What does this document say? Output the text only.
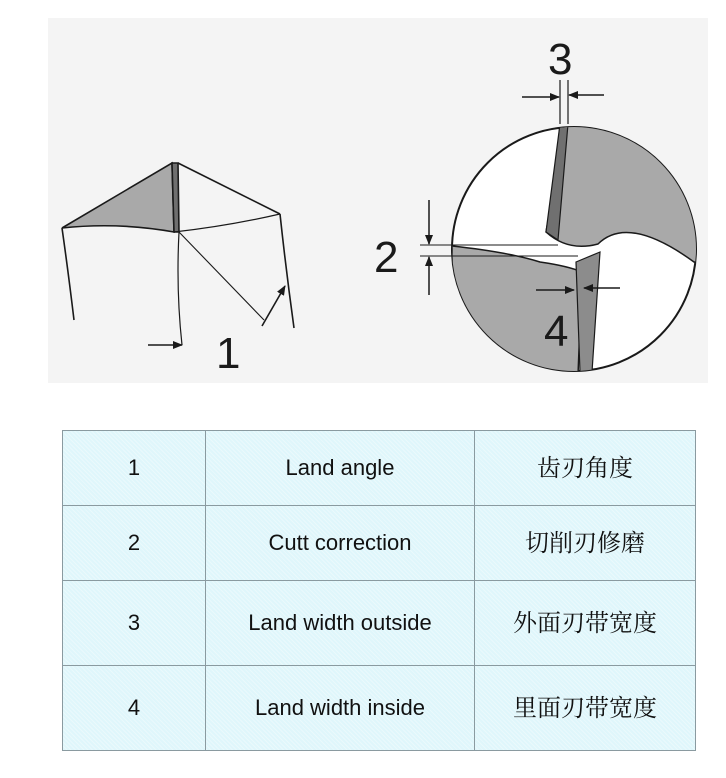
1
3
2
4
1	Land angle	齿刃角度
2	Cutt correction	切削刃修磨
3	Land width outside	外面刃带宽度
4	Land width inside	里面刃带宽度
